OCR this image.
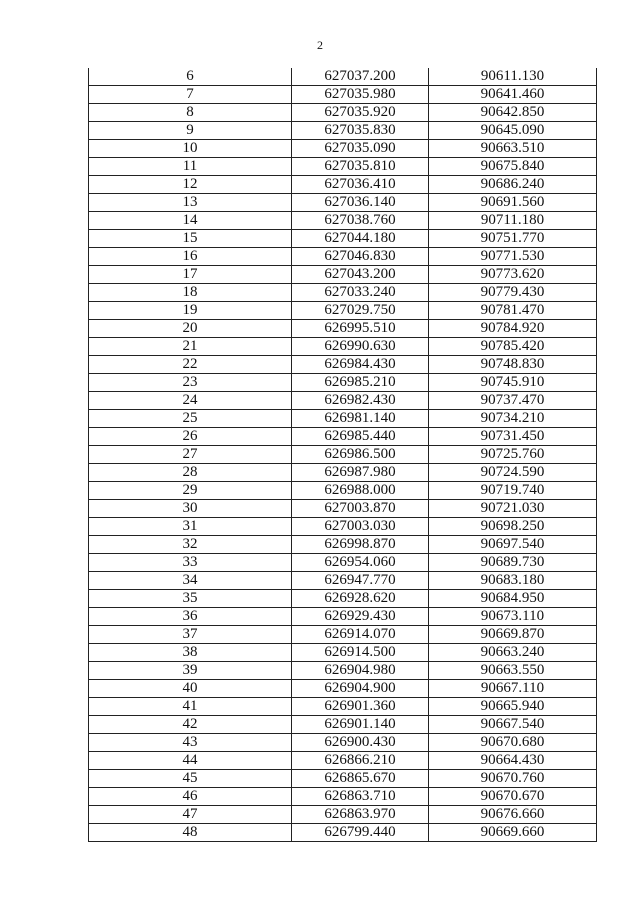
2
6	627037.200	90611.130
7	627035.980	90641.460
8	627035.920	90642.850
9	627035.830	90645.090
10	627035.090	90663.510
11	627035.810	90675.840
12	627036.410	90686.240
13	627036.140	90691.560
14	627038.760	90711.180
15	627044.180	90751.770
16	627046.830	90771.530
17	627043.200	90773.620
18	627033.240	90779.430
19	627029.750	90781.470
20	626995.510	90784.920
21	626990.630	90785.420
22	626984.430	90748.830
23	626985.210	90745.910
24	626982.430	90737.470
25	626981.140	90734.210
26	626985.440	90731.450
27	626986.500	90725.760
28	626987.980	90724.590
29	626988.000	90719.740
30	627003.870	90721.030
31	627003.030	90698.250
32	626998.870	90697.540
33	626954.060	90689.730
34	626947.770	90683.180
35	626928.620	90684.950
36	626929.430	90673.110
37	626914.070	90669.870
38	626914.500	90663.240
39	626904.980	90663.550
40	626904.900	90667.110
41	626901.360	90665.940
42	626901.140	90667.540
43	626900.430	90670.680
44	626866.210	90664.430
45	626865.670	90670.760
46	626863.710	90670.670
47	626863.970	90676.660
48	626799.440	90669.660
